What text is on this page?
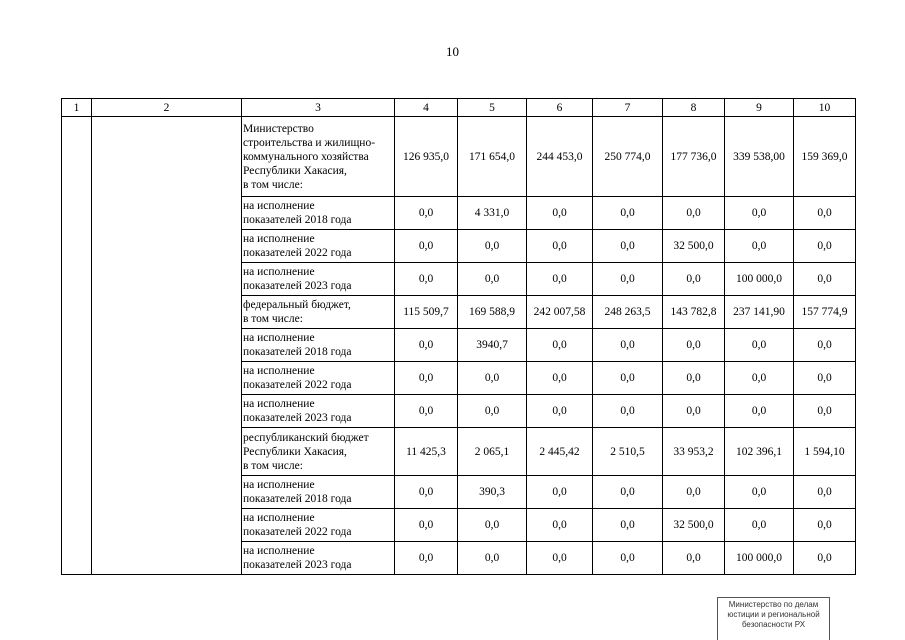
10
1	2	3	4	5	6	7	8	9	10

		Министерство
строительства и жилищно-
коммунального хозяйства
Республики Хакасия,
в том числе:	126 935,0	171 654,0	244 453,0	250 774,0	177 736,0	339 538,00	159 369,0

		на исполнение
показателей 2018 года	0,0	4 331,0	0,0	0,0	0,0	0,0	0,0

		на исполнение
показателей 2022 года	0,0	0,0	0,0	0,0	32 500,0	0,0	0,0

		на исполнение
показателей 2023 года	0,0	0,0	0,0	0,0	0,0	100 000,0	0,0

		федеральный бюджет,
в том числе:	115 509,7	169 588,9	242 007,58	248 263,5	143 782,8	237 141,90	157 774,9

		на исполнение
показателей 2018 года	0,0	3940,7	0,0	0,0	0,0	0,0	0,0

		на исполнение
показателей 2022 года	0,0	0,0	0,0	0,0	0,0	0,0	0,0

		на исполнение
показателей 2023 года	0,0	0,0	0,0	0,0	0,0	0,0	0,0

		республиканский бюджет
Республики Хакасия,
в том числе:	11 425,3	2 065,1	2 445,42	2 510,5	33 953,2	102 396,1	1 594,10

		на исполнение
показателей 2018 года	0,0	390,3	0,0	0,0	0,0	0,0	0,0

		на исполнение
показателей 2022 года	0,0	0,0	0,0	0,0	32 500,0	0,0	0,0

		на исполнение
показателей 2023 года	0,0	0,0	0,0	0,0	0,0	100 000,0	0,0
Министерство по делам
юстиции и региональной
безопасности РХ
